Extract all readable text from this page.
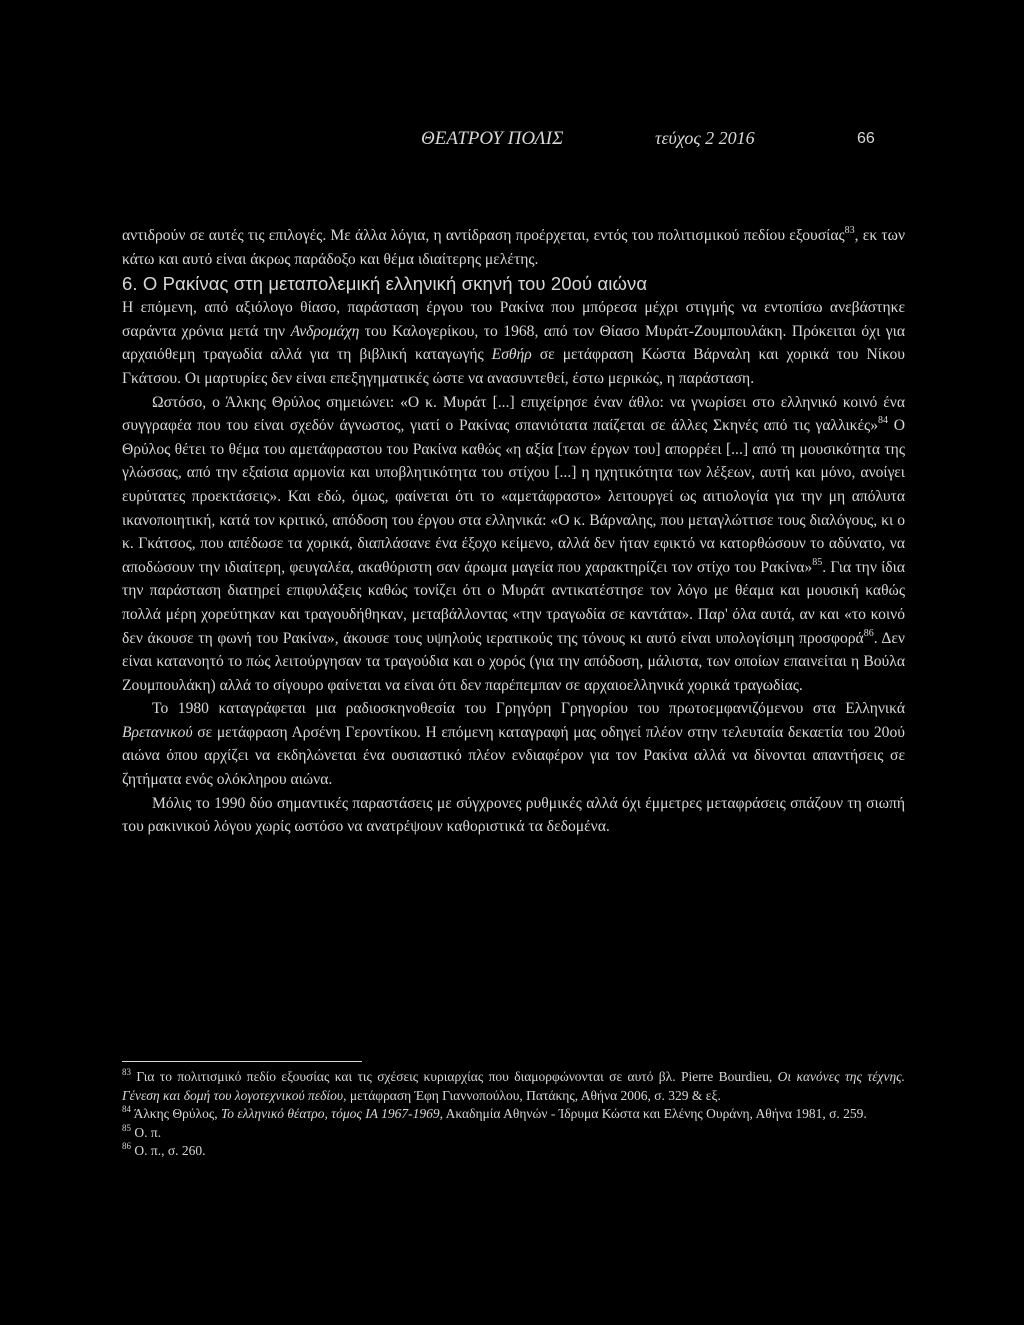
ΘΕΑΤΡΟΥ ΠΟΛΙΣ	τεύχος 2 2016	66

αντιδρούν σε αυτές τις επιλογές. Με άλλα λόγια, η αντίδραση προέρχεται, εντός του πολιτισμικού πεδίου εξουσίας$^{83}$, εκ των κάτω και αυτό είναι άκρως παράδοξο και θέμα ιδιαίτερης μελέτης.

6. Ο Ρακίνας στη μεταπολεμική ελληνική σκηνή του 20ού αιώνα

Η επόμενη, από αξιόλογο θίασο, παράσταση έργου του Ρακίνα που μπόρεσα μέχρι στιγμής να εντοπίσω ανεβάστηκε σαράντα χρόνια μετά την Ανδρομάχη του Καλογερίκου, το 1968, από τον Θίασο Μυράτ-Ζουμπουλάκη. Πρόκειται όχι για αρχαιόθεμη τραγωδία αλλά για τη βιβλική καταγωγής Εσθήρ σε μετάφραση Κώστα Βάρναλη και χορικά του Νίκου Γκάτσου. Οι μαρτυρίες δεν είναι επεξηγηματικές ώστε να ανασυντεθεί, έστω μερικώς, η παράσταση.

Ωστόσο, ο Άλκης Θρύλος σημειώνει: «Ο κ. Μυράτ [...] επιχείρησε έναν άθλο: να γνωρίσει στο ελληνικό κοινό ένα συγγραφέα που του είναι σχεδόν άγνωστος, γιατί ο Ρακίνας σπανιότατα παίζεται σε άλλες Σκηνές από τις γαλλικές»$^{84}$ Ο Θρύλος θέτει το θέμα του αμετάφραστου του Ρακίνα καθώς «η αξία [των έργων του] απορρέει [...] από τη μουσικότητα της γλώσσας, από την εξαίσια αρμονία και υποβλητικότητα του στίχου [...] η ηχητικότητα των λέξεων, αυτή και μόνο, ανοίγει ευρύτατες προεκτάσεις». Και εδώ, όμως, φαίνεται ότι το «αμετάφραστο» λειτουργεί ως αιτιολογία για την μη απόλυτα ικανοποιητική, κατά τον κριτικό, απόδοση του έργου στα ελληνικά: «Ο κ. Βάρναλης, που μεταγλώττισε τους διαλόγους, κι ο κ. Γκάτσος, που απέδωσε τα χορικά, διαπλάσανε ένα έξοχο κείμενο, αλλά δεν ήταν εφικτό να κατορθώσουν το αδύνατο, να αποδώσουν την ιδιαίτερη, φευγαλέα, ακαθόριστη σαν άρωμα μαγεία που χαρακτηρίζει τον στίχο του Ρακίνα»$^{85}$. Για την ίδια την παράσταση διατηρεί επιφυλάξεις καθώς τονίζει ότι ο Μυράτ αντικατέστησε τον λόγο με θέαμα και μουσική καθώς πολλά μέρη χορεύτηκαν και τραγουδήθηκαν, μεταβάλλοντας «την τραγωδία σε καντάτα». Παρ' όλα αυτά, αν και «το κοινό δεν άκουσε τη φωνή του Ρακίνα», άκουσε τους υψηλούς ιερατικούς της τόνους κι αυτό είναι υπολογίσιμη προσφορά$^{86}$. Δεν είναι κατανοητό το πώς λειτούργησαν τα τραγούδια και ο χορός (για την απόδοση, μάλιστα, των οποίων επαινείται η Βούλα Ζουμπουλάκη) αλλά το σίγουρο φαίνεται να είναι ότι δεν παρέπεμπαν σε αρχαιοελληνικά χορικά τραγωδίας.

Το 1980 καταγράφεται μια ραδιοσκηνοθεσία του Γρηγόρη Γρηγορίου του πρωτοεμφανιζόμενου στα Ελληνικά Βρετανικού σε μετάφραση Αρσένη Γεροντίκου. Η επόμενη καταγραφή μας οδηγεί πλέον στην τελευταία δεκαετία του 20ού αιώνα όπου αρχίζει να εκδηλώνεται ένα ουσιαστικό πλέον ενδιαφέρον για τον Ρακίνα αλλά να δίνονται απαντήσεις σε ζητήματα ενός ολόκληρου αιώνα.

Μόλις το 1990 δύο σημαντικές παραστάσεις με σύγχρονες ρυθμικές αλλά όχι έμμετρες μεταφράσεις σπάζουν τη σιωπή του ρακινικού λόγου χωρίς ωστόσο να ανατρέψουν καθοριστικά τα δεδομένα.

$^{83}$ Για το πολιτισμικό πεδίο εξουσίας και τις σχέσεις κυριαρχίας που διαμορφώνονται σε αυτό βλ. Pierre Bourdieu, Οι κανόνες της τέχνης. Γένεση και δομή του λογοτεχνικού πεδίου, μετάφραση Έφη Γιαννοπούλου, Πατάκης, Αθήνα 2006, σ. 329 & εξ.

$^{84}$ Άλκης Θρύλος, Το ελληνικό θέατρο, τόμος ΙΑ 1967-1969, Ακαδημία Αθηνών - Ίδρυμα Κώστα και Ελένης Ουράνη, Αθήνα 1981, σ. 259.

$^{85}$ Ο. π.

$^{86}$ Ο. π., σ. 260.
